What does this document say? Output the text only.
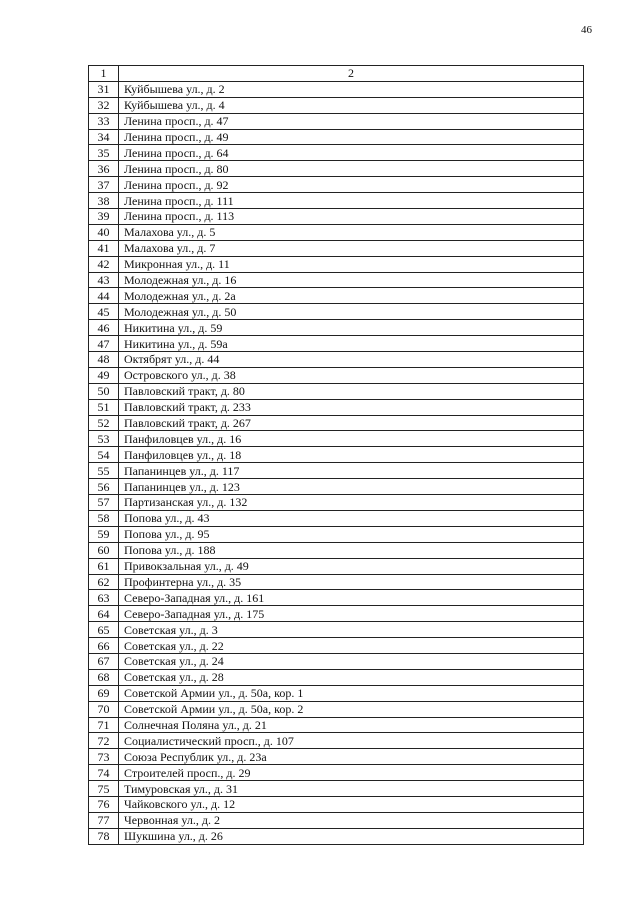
46
1	2
31	Куйбышева ул., д. 2
32	Куйбышева ул., д. 4
33	Ленина просп., д. 47
34	Ленина просп., д. 49
35	Ленина просп., д. 64
36	Ленина просп., д. 80
37	Ленина просп., д. 92
38	Ленина просп., д. 111
39	Ленина просп., д. 113
40	Малахова ул., д. 5
41	Малахова ул., д. 7
42	Микронная ул., д. 11
43	Молодежная ул., д. 16
44	Молодежная ул., д. 2а
45	Молодежная ул., д. 50
46	Никитина ул., д. 59
47	Никитина ул., д. 59а
48	Октябрят ул., д. 44
49	Островского ул., д. 38
50	Павловский тракт, д. 80
51	Павловский тракт, д. 233
52	Павловский тракт, д. 267
53	Панфиловцев ул., д. 16
54	Панфиловцев ул., д. 18
55	Папанинцев ул., д. 117
56	Папанинцев ул., д. 123
57	Партизанская ул., д. 132
58	Попова ул., д. 43
59	Попова ул., д. 95
60	Попова ул., д. 188
61	Привокзальная ул., д. 49
62	Профинтерна ул., д. 35
63	Северо-Западная ул., д. 161
64	Северо-Западная ул., д. 175
65	Советская ул., д. 3
66	Советская ул., д. 22
67	Советская ул., д. 24
68	Советская ул., д. 28
69	Советской Армии ул., д. 50а, кор. 1
70	Советской Армии ул., д. 50а, кор. 2
71	Солнечная Поляна ул., д. 21
72	Социалистический просп., д. 107
73	Союза Республик ул., д. 23а
74	Строителей просп., д. 29
75	Тимуровская ул., д. 31
76	Чайковского ул., д. 12
77	Червонная ул., д. 2
78	Шукшина ул., д. 26
